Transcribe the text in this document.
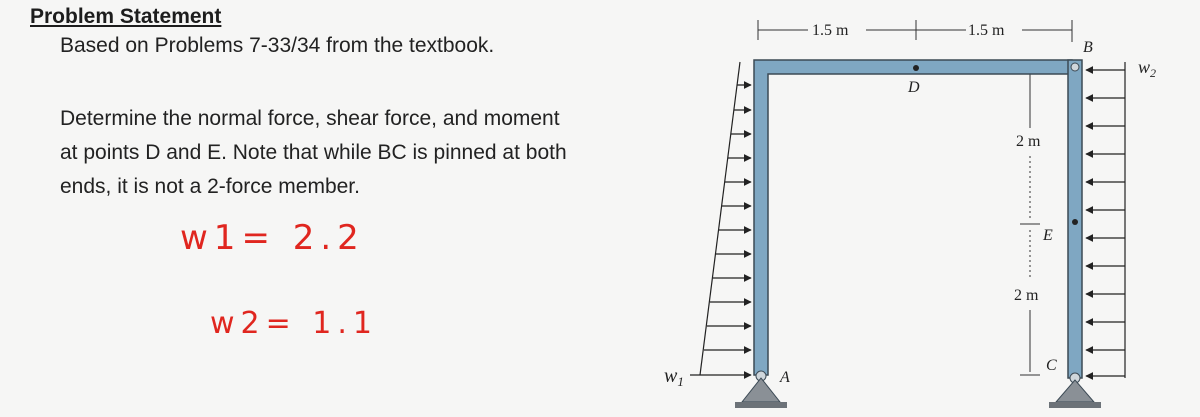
Problem Statement
Based on Problems 7-33/34 from the textbook.
Determine the normal force, shear force, and moment at points D and E. Note that while BC is pinned at both ends, it is not a 2-force member.
w1= 2.2
w2= 1.1
1.5 m	1.5 m
2 m
2 m
$w_1$
$w_2$
B
D
E
A
C
